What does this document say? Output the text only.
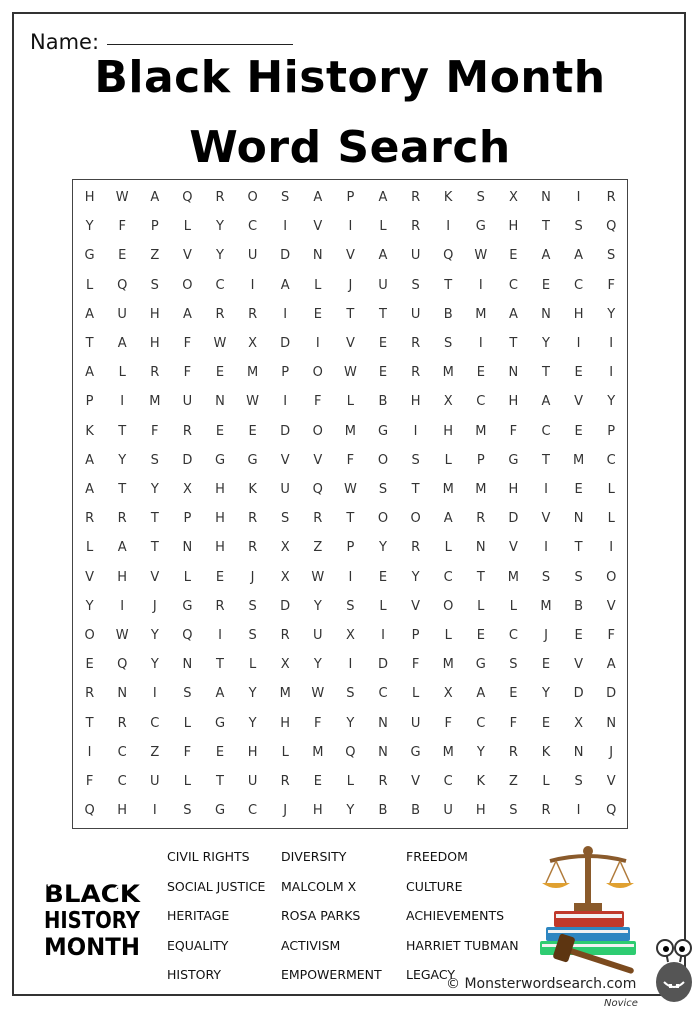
Name:
Black History Month
Word Search
H	W	A	Q	R	O	S	A	P	A	R	K	S	X	N	I	R
Y	F	P	L	Y	C	I	V	I	L	R	I	G	H	T	S	Q
G	E	Z	V	Y	U	D	N	V	A	U	Q	W	E	A	A	S
L	Q	S	O	C	I	A	L	J	U	S	T	I	C	E	C	F
A	U	H	A	R	R	I	E	T	T	U	B	M	A	N	H	Y
T	A	H	F	W	X	D	I	V	E	R	S	I	T	Y	I	I
A	L	R	F	E	M	P	O	W	E	R	M	E	N	T	E	I
P	I	M	U	N	W	I	F	L	B	H	X	C	H	A	V	Y
K	T	F	R	E	E	D	O	M	G	I	H	M	F	C	E	P
A	Y	S	D	G	G	V	V	F	O	S	L	P	G	T	M	C
A	T	Y	X	H	K	U	Q	W	S	T	M	M	H	I	E	L
R	R	T	P	H	R	S	R	T	O	O	A	R	D	V	N	L
L	A	T	N	H	R	X	Z	P	Y	R	L	N	V	I	T	I
V	H	V	L	E	J	X	W	I	E	Y	C	T	M	S	S	O
Y	I	J	G	R	S	D	Y	S	L	V	O	L	L	M	B	V
O	W	Y	Q	I	S	R	U	X	I	P	L	E	C	J	E	F
E	Q	Y	N	T	L	X	Y	I	D	F	M	G	S	E	V	A
R	N	I	S	A	Y	M	W	S	C	L	X	A	E	Y	D	D
T	R	C	L	G	Y	H	F	Y	N	U	F	C	F	E	X	N
I	C	Z	F	E	H	L	M	Q	N	G	M	Y	R	K	N	J
F	C	U	L	T	U	R	E	L	R	V	C	K	Z	L	S	V
Q	H	I	S	G	C	J	H	Y	B	B	U	H	S	R	I	Q
CIVIL RIGHTS
SOCIAL JUSTICE
HERITAGE
EQUALITY
HISTORY
DIVERSITY
MALCOLM X
ROSA PARKS
ACTIVISM
EMPOWERMENT
FREEDOM
CULTURE
ACHIEVEMENTS
HARRIET TUBMAN
LEGACY
BLACK
HISTORY
MONTH
© Monsterwordsearch.com
Novice
